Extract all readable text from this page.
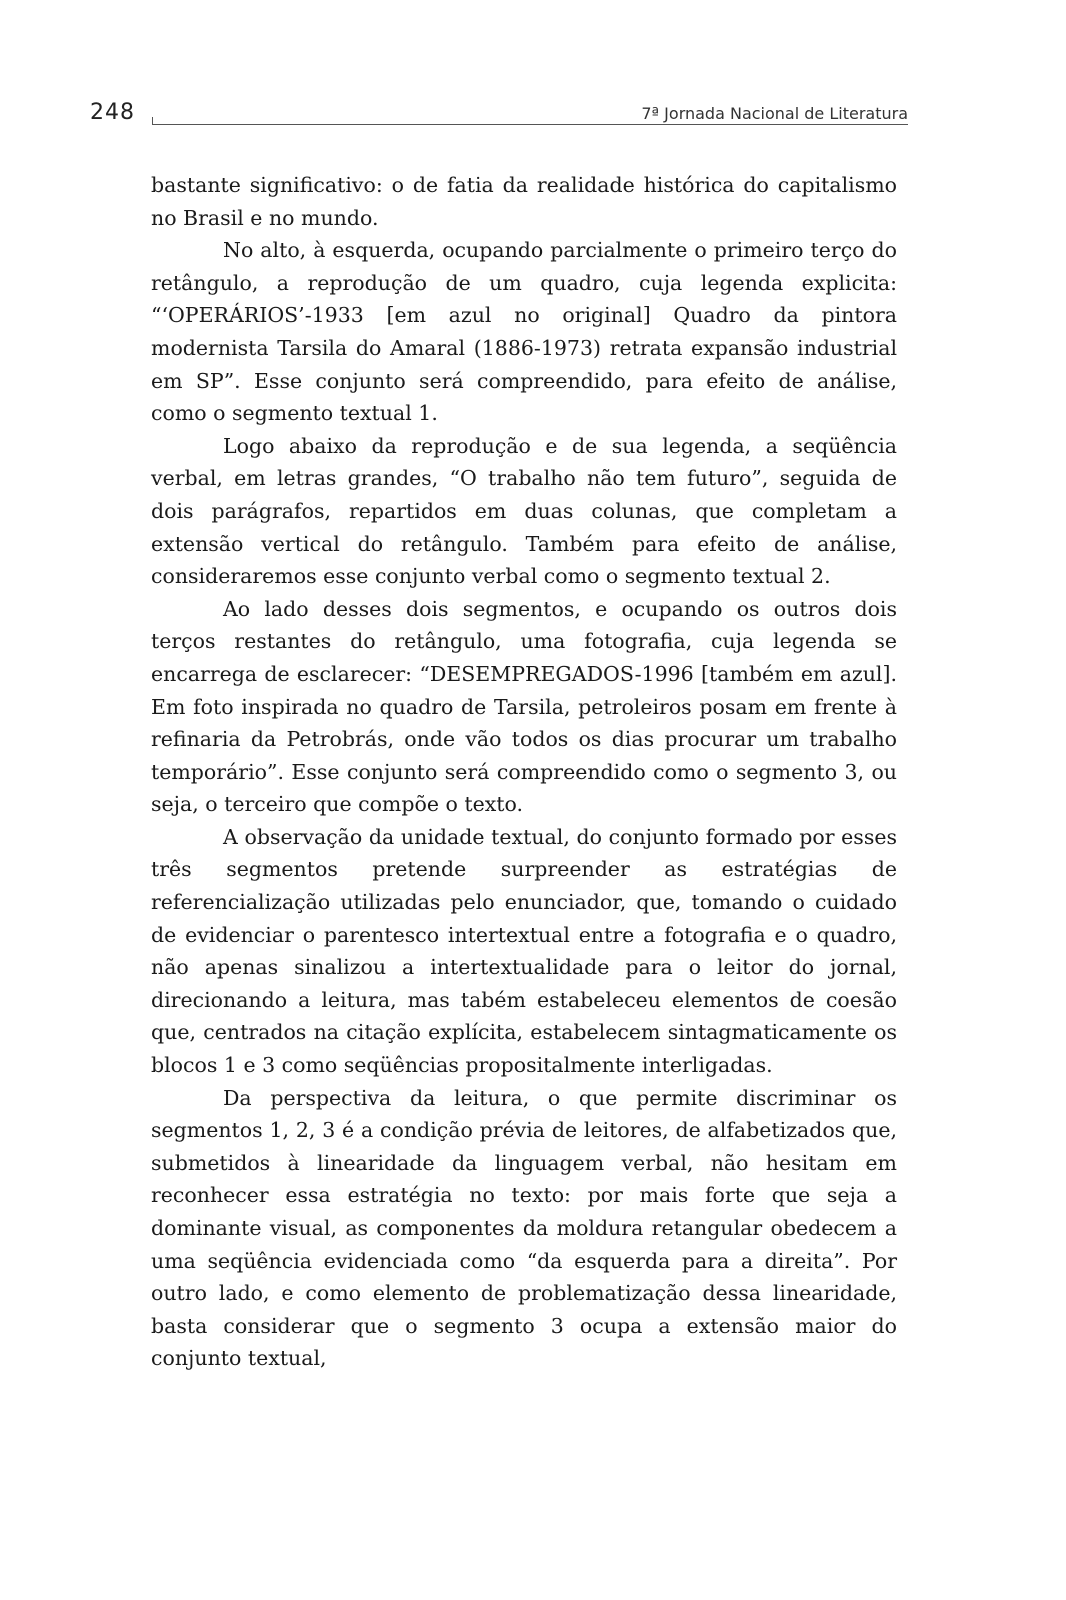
248	7ª Jornada Nacional de Literatura

bastante significativo: o de fatia da realidade histórica do capitalismo no Brasil e no mundo.

No alto, à esquerda, ocupando parcialmente o primeiro terço do retângulo, a reprodução de um quadro, cuja legenda explicita: “‘OPERÁRIOS’-1933 [em azul no original] Quadro da pintora modernista Tarsila do Amaral (1886-1973) retrata expansão industrial em SP”. Esse conjunto será compreendido, para efeito de análise, como o segmento textual 1.

Logo abaixo da reprodução e de sua legenda, a seqüência verbal, em letras grandes, “O trabalho não tem futuro”, seguida de dois parágrafos, repartidos em duas colunas, que completam a extensão vertical do retângulo. Também para efeito de análise, consideraremos esse conjunto verbal como o segmento textual 2.

Ao lado desses dois segmentos, e ocupando os outros dois terços restantes do retângulo, uma fotografia, cuja legenda se encarrega de esclarecer: “DESEMPREGADOS-1996 [também em azul]. Em foto inspirada no quadro de Tarsila, petroleiros posam em frente à refinaria da Petrobrás, onde vão todos os dias procurar um trabalho temporário”. Esse conjunto será compreendido como o segmento 3, ou seja, o terceiro que compõe o texto.

A observação da unidade textual, do conjunto formado por esses três segmentos pretende surpreender as estratégias de referencialização utilizadas pelo enunciador, que, tomando o cuidado de evidenciar o parentesco intertextual entre a fotografia e o quadro, não apenas sinalizou a intertextualidade para o leitor do jornal, direcionando a leitura, mas tabém estabeleceu elementos de coesão que, centrados na citação explícita, estabelecem sintagmaticamente os blocos 1 e 3 como seqüências propositalmente interligadas.

Da perspectiva da leitura, o que permite discriminar os segmentos 1, 2, 3 é a condição prévia de leitores, de alfabetizados que, submetidos à linearidade da linguagem verbal, não hesitam em reconhecer essa estratégia no texto: por mais forte que seja a dominante visual, as componentes da moldura retangular obedecem a uma seqüência evidenciada como “da esquerda para a direita”. Por outro lado, e como elemento de problematização dessa linearidade, basta considerar que o segmento 3 ocupa a extensão maior do conjunto textual,
